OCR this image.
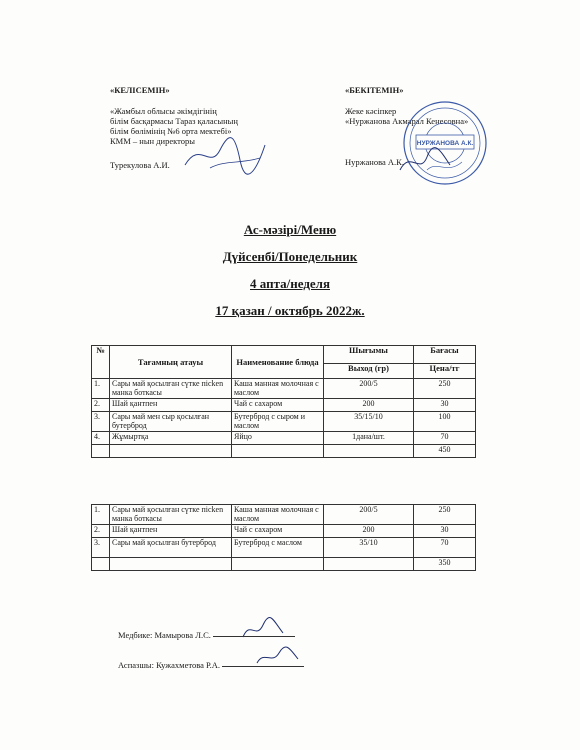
«КЕЛІСЕМІН»
«Жамбыл облысы әкімдігінің
білім басқармасы Тараз қаласының
білім бөлімінің №6 орта мектебі»
КММ – нын директоры
Турекулова А.И.
«БЕКІТЕМІН»
Жеке кәсіпкер
«Нуржанова Акмарал Кенесовна»
Нуржанова А.К.
НУРЖАНОВА А.К.
Ас-мәзірі/Меню
Дүйсенбі/Понедельник
4 апта/неделя
17 қазан / октябрь 2022ж.
№	Тағамның атауы	Наименование блюда	Шығымы	Бағасы
			Выход (гр)	Цена/тг
1.	Сары май қосылған сүтке пісken манка боткасы	Каша манная молочная с маслом	200/5	250
2.	Шай қантпен	Чай с сахаром	200	30
3.	Сары май мен сыр қосылған бутерброд	Бутерброд с сыром и маслом	35/15/10	100
4.	Жұмыртқа	Яйцо	1дана/шт.	70
				450
1.	Сары май қосылған сүтке пісken манка боткасы	Каша манная молочная с маслом	200/5	250
2.	Шай қантпен	Чай с сахаром	200	30
3.	Сары май қосылған бутерброд	Бутерброд с маслом	35/10	70
				350
Медбике: Мамырова Л.С.
Аспазшы: Кужахметова Р.А.
